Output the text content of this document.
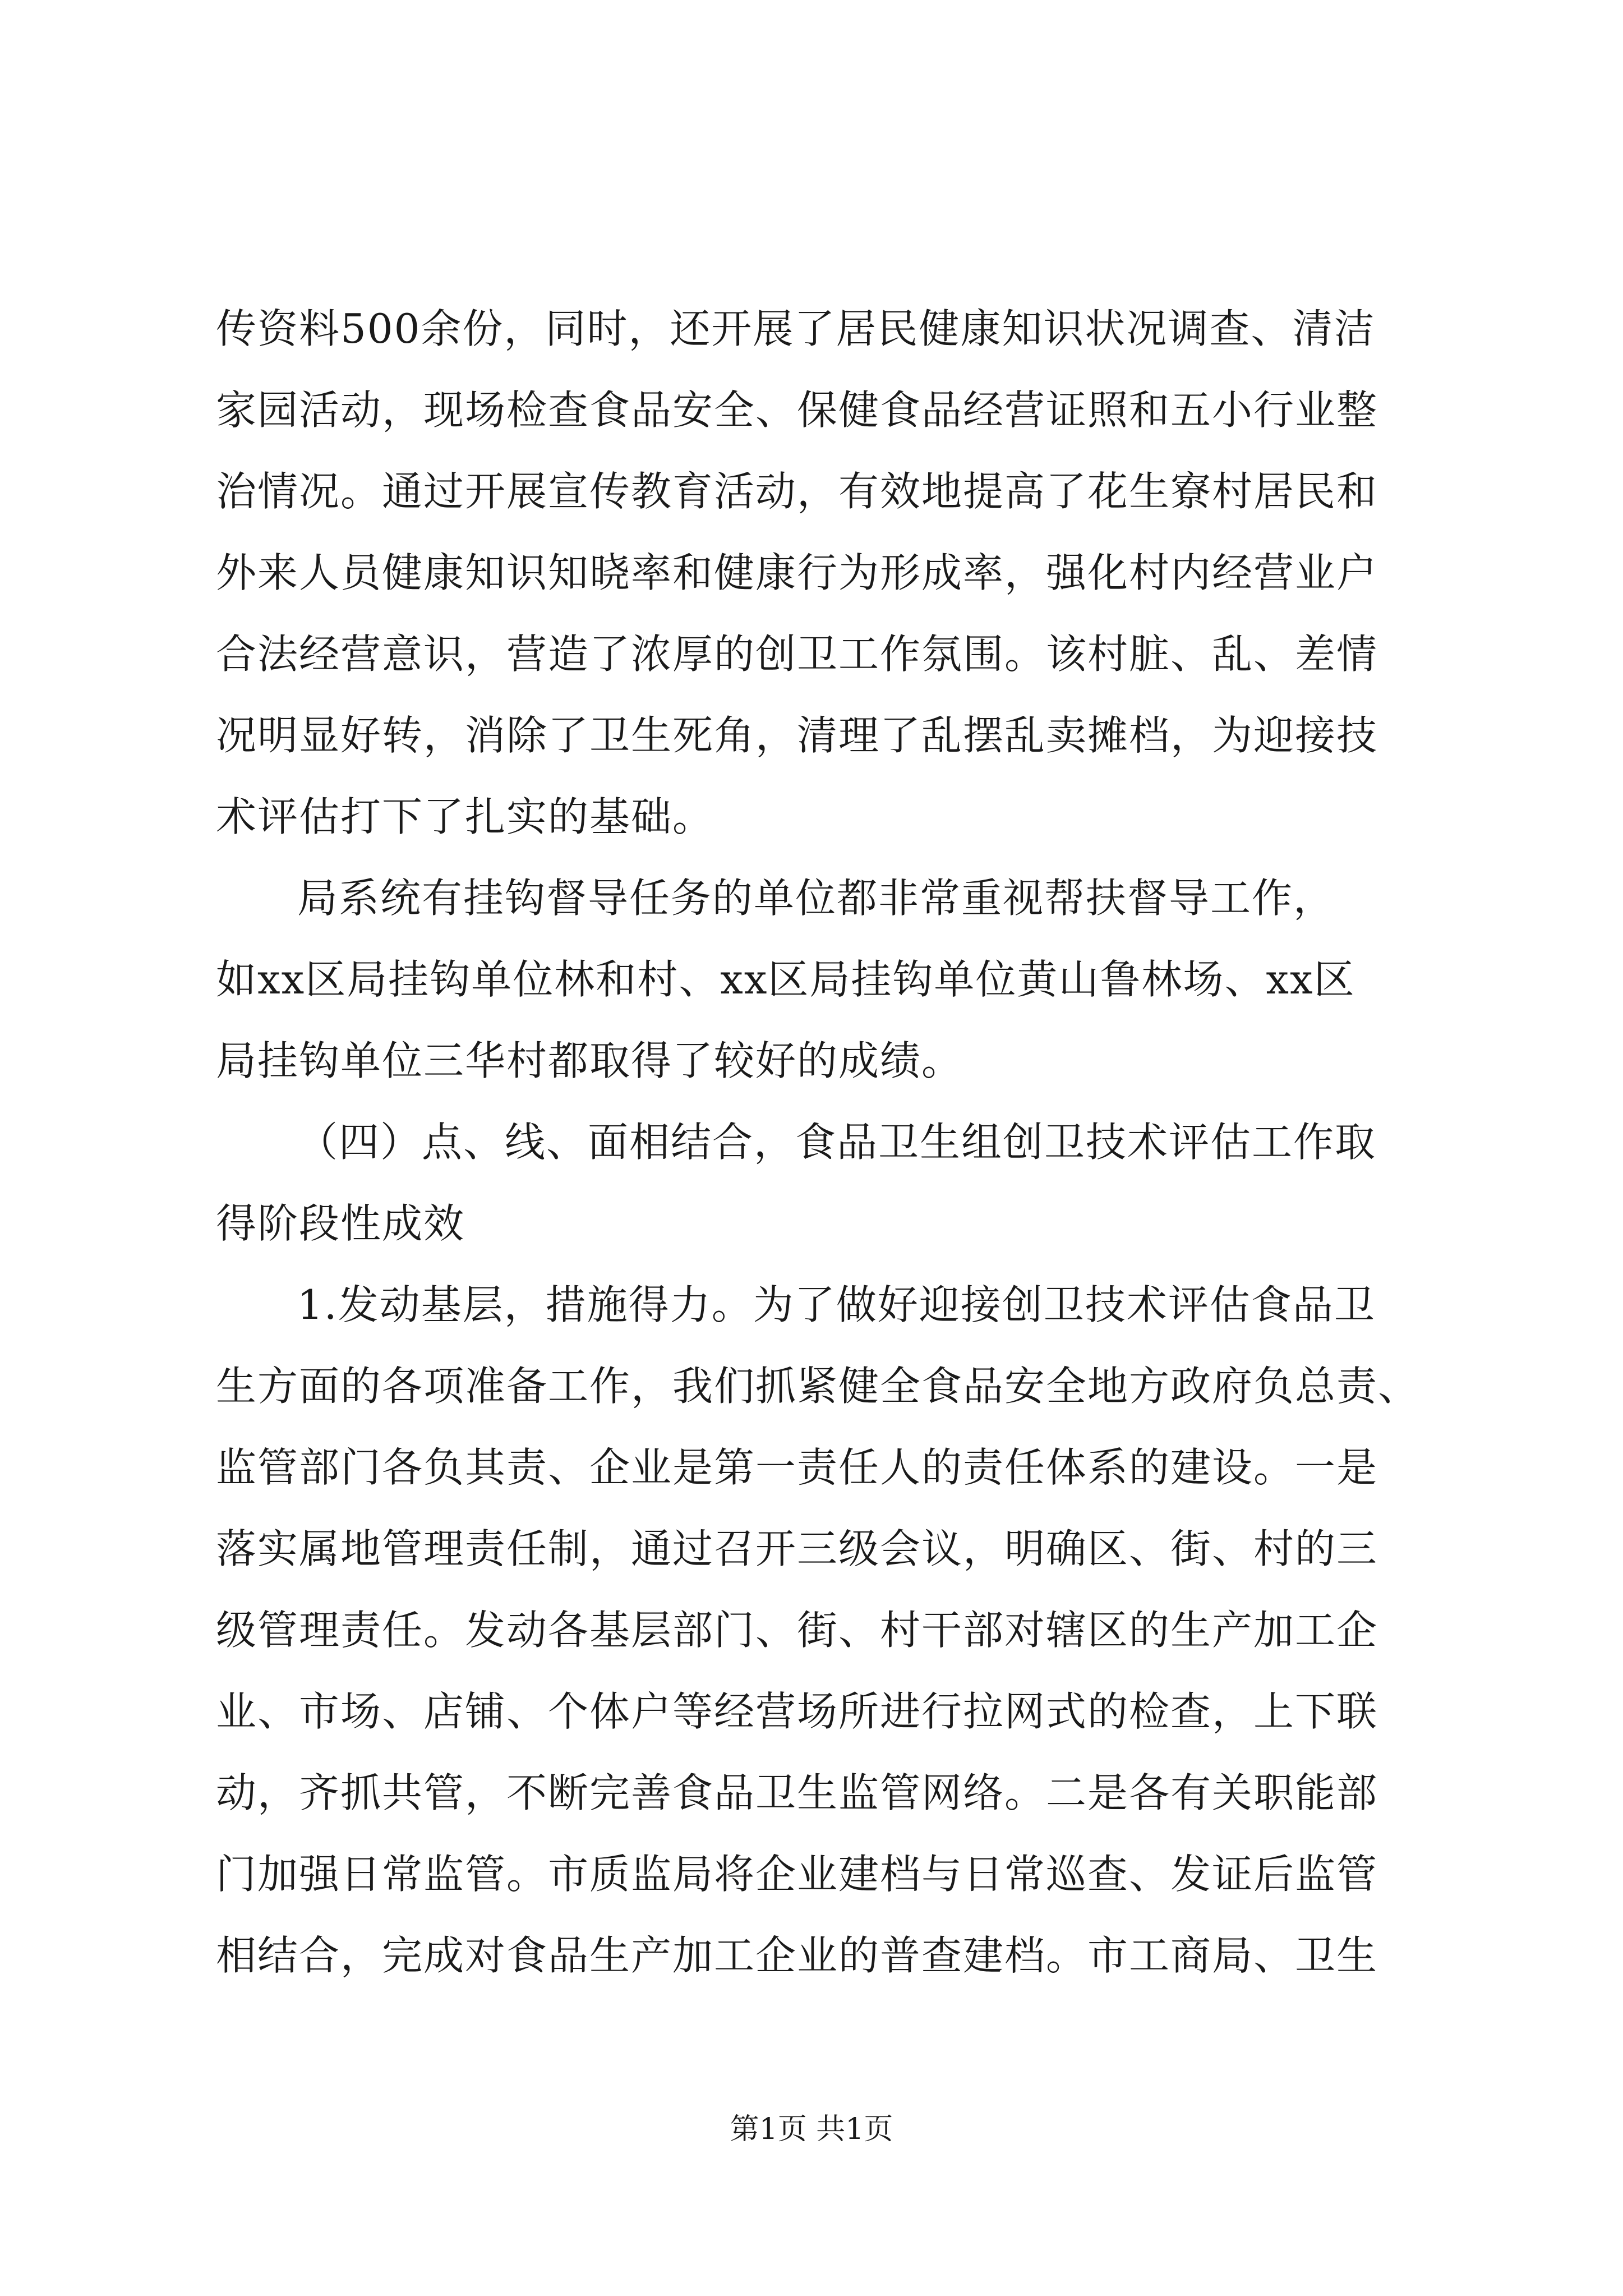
传资料500余份，同时，还开展了居民健康知识状况调查、清洁
家园活动，现场检查食品安全、保健食品经营证照和五小行业整
治情况。通过开展宣传教育活动，有效地提高了花生寮村居民和
外来人员健康知识知晓率和健康行为形成率，强化村内经营业户
合法经营意识，营造了浓厚的创卫工作氛围。该村脏、乱、差情
况明显好转，消除了卫生死角，清理了乱摆乱卖摊档，为迎接技
术评估打下了扎实的基础。
局系统有挂钩督导任务的单位都非常重视帮扶督导工作，
如xx区局挂钩单位林和村、xx区局挂钩单位黄山鲁林场、xx区
局挂钩单位三华村都取得了较好的成绩。
（四）点、线、面相结合，食品卫生组创卫技术评估工作取
得阶段性成效
1.发动基层，措施得力。为了做好迎接创卫技术评估食品卫
生方面的各项准备工作，我们抓紧健全食品安全地方政府负总责、
监管部门各负其责、企业是第一责任人的责任体系的建设。一是
落实属地管理责任制，通过召开三级会议，明确区、街、村的三
级管理责任。发动各基层部门、街、村干部对辖区的生产加工企
业、市场、店铺、个体户等经营场所进行拉网式的检查，上下联
动，齐抓共管，不断完善食品卫生监管网络。二是各有关职能部
门加强日常监管。市质监局将企业建档与日常巡查、发证后监管
相结合，完成对食品生产加工企业的普查建档。市工商局、卫生
第1页 共1页
